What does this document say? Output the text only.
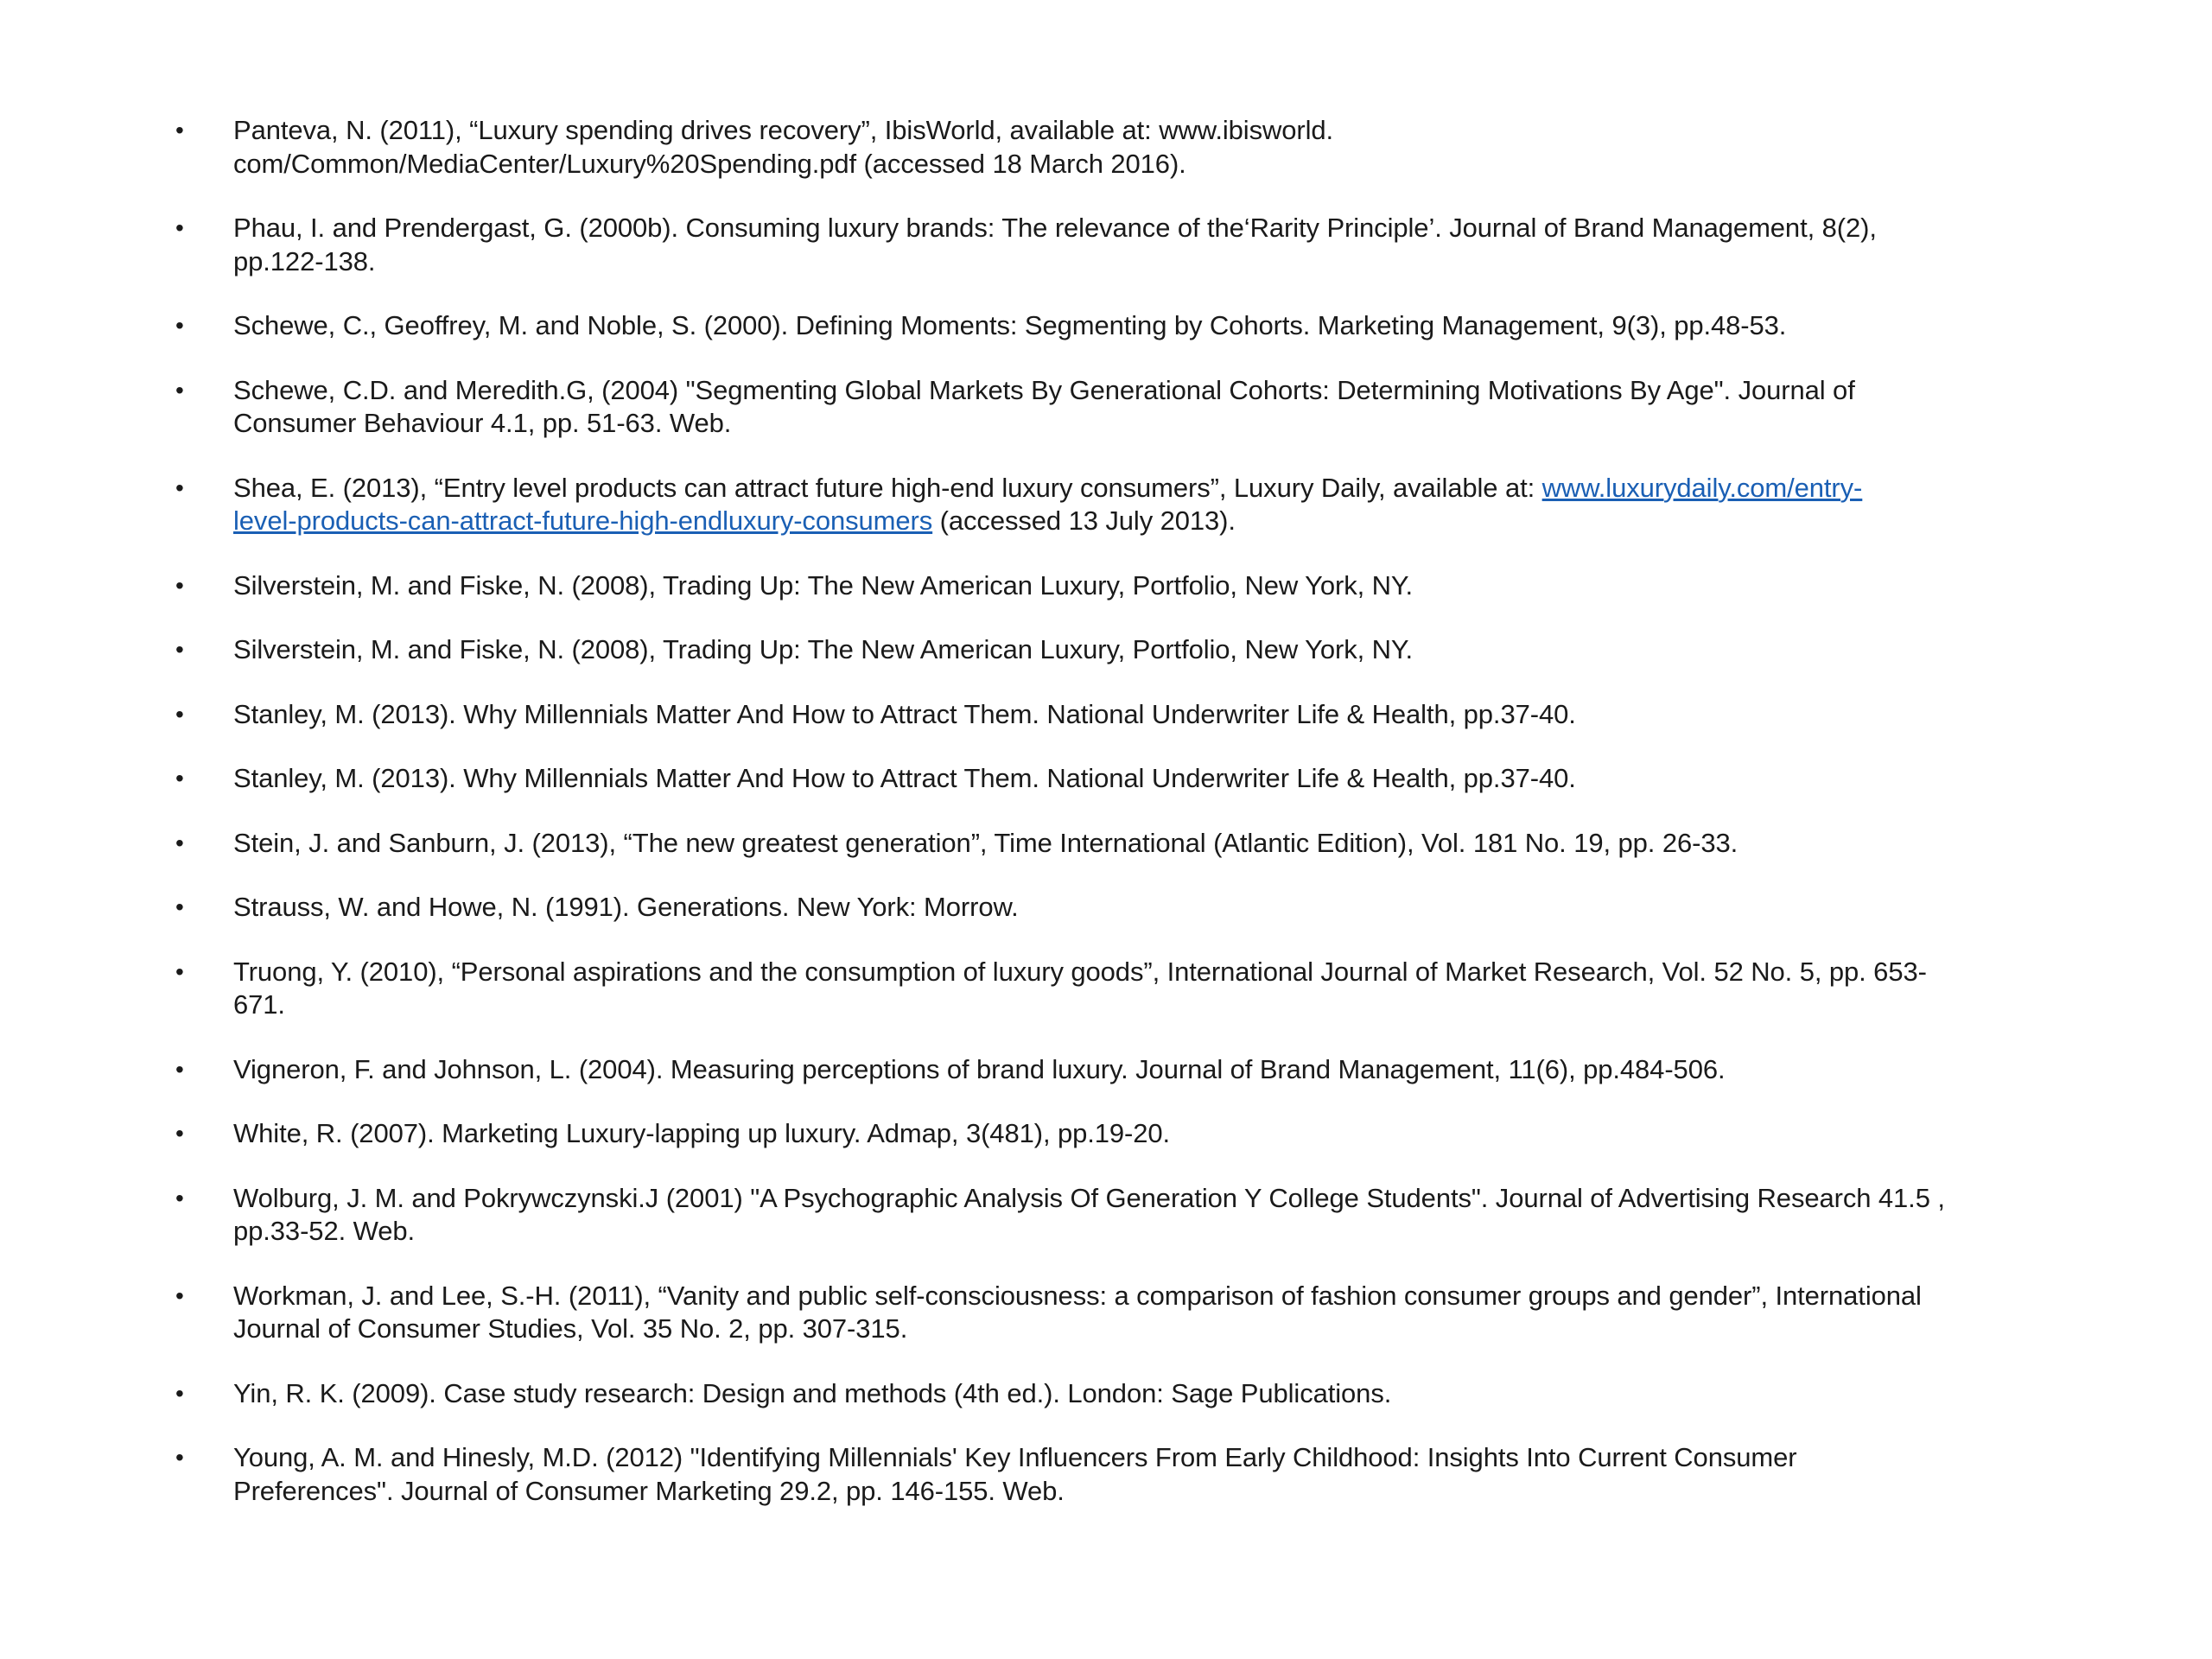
• Panteva, N. (2011), “Luxury spending drives recovery”, IbisWorld, available at: www.ibisworld.
com/Common/MediaCenter/Luxury%20Spending.pdf (accessed 18 March 2016).
• Phau, I. and Prendergast, G. (2000b). Consuming luxury brands: The relevance of the‘Rarity Principle’. Journal of Brand Management, 8(2),
pp.122-138.
• Schewe, C., Geoffrey, M. and Noble, S. (2000). Defining Moments: Segmenting by Cohorts. Marketing Management, 9(3), pp.48-53.
• Schewe, C.D. and Meredith.G, (2004) "Segmenting Global Markets By Generational Cohorts: Determining Motivations By Age". Journal of
Consumer Behaviour 4.1, pp. 51-63. Web.
• Shea, E. (2013), “Entry level products can attract future high-end luxury consumers”, Luxury Daily, available at: www.luxurydaily.com/entry-
level-products-can-attract-future-high-endluxury-consumers (accessed 13 July 2013).
• Silverstein, M. and Fiske, N. (2008), Trading Up: The New American Luxury, Portfolio, New York, NY.
• Silverstein, M. and Fiske, N. (2008), Trading Up: The New American Luxury, Portfolio, New York, NY.
• Stanley, M. (2013). Why Millennials Matter And How to Attract Them. National Underwriter Life & Health, pp.37-40.
• Stanley, M. (2013). Why Millennials Matter And How to Attract Them. National Underwriter Life & Health, pp.37-40.
• Stein, J. and Sanburn, J. (2013), “The new greatest generation”, Time International (Atlantic Edition), Vol. 181 No. 19, pp. 26-33.
• Strauss, W. and Howe, N. (1991). Generations. New York: Morrow.
• Truong, Y. (2010), “Personal aspirations and the consumption of luxury goods”, International Journal of Market Research, Vol. 52 No. 5, pp. 653-
671.
• Vigneron, F. and Johnson, L. (2004). Measuring perceptions of brand luxury. Journal of Brand Management, 11(6), pp.484-506.
• White, R. (2007). Marketing Luxury-lapping up luxury. Admap, 3(481), pp.19-20.
• Wolburg, J. M. and Pokrywczynski.J (2001) "A Psychographic Analysis Of Generation Y College Students". Journal of Advertising Research 41.5 ,
pp.33-52. Web.
• Workman, J. and Lee, S.-H. (2011), “Vanity and public self-consciousness: a comparison of fashion consumer groups and gender”, International
Journal of Consumer Studies, Vol. 35 No. 2, pp. 307-315.
• Yin, R. K. (2009). Case study research: Design and methods (4th ed.). London: Sage Publications.
• Young, A. M. and Hinesly, M.D. (2012) "Identifying Millennials' Key Influencers From Early Childhood: Insights Into Current Consumer
Preferences". Journal of Consumer Marketing 29.2, pp. 146-155. Web.
